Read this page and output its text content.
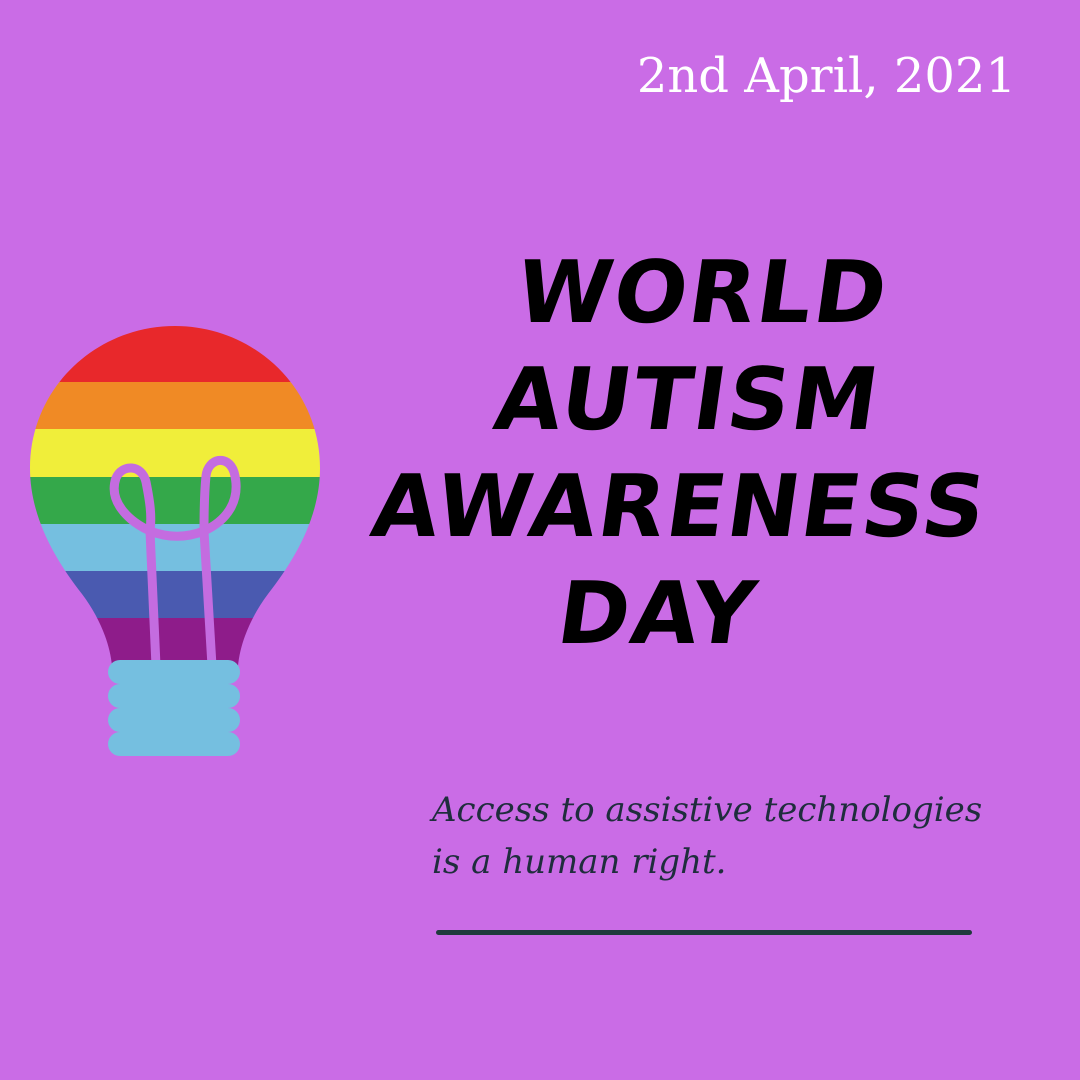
2nd April, 2021

WORLD
AUTISM
AWARENESS
DAY

Access to assistive technologies
is a human right.
